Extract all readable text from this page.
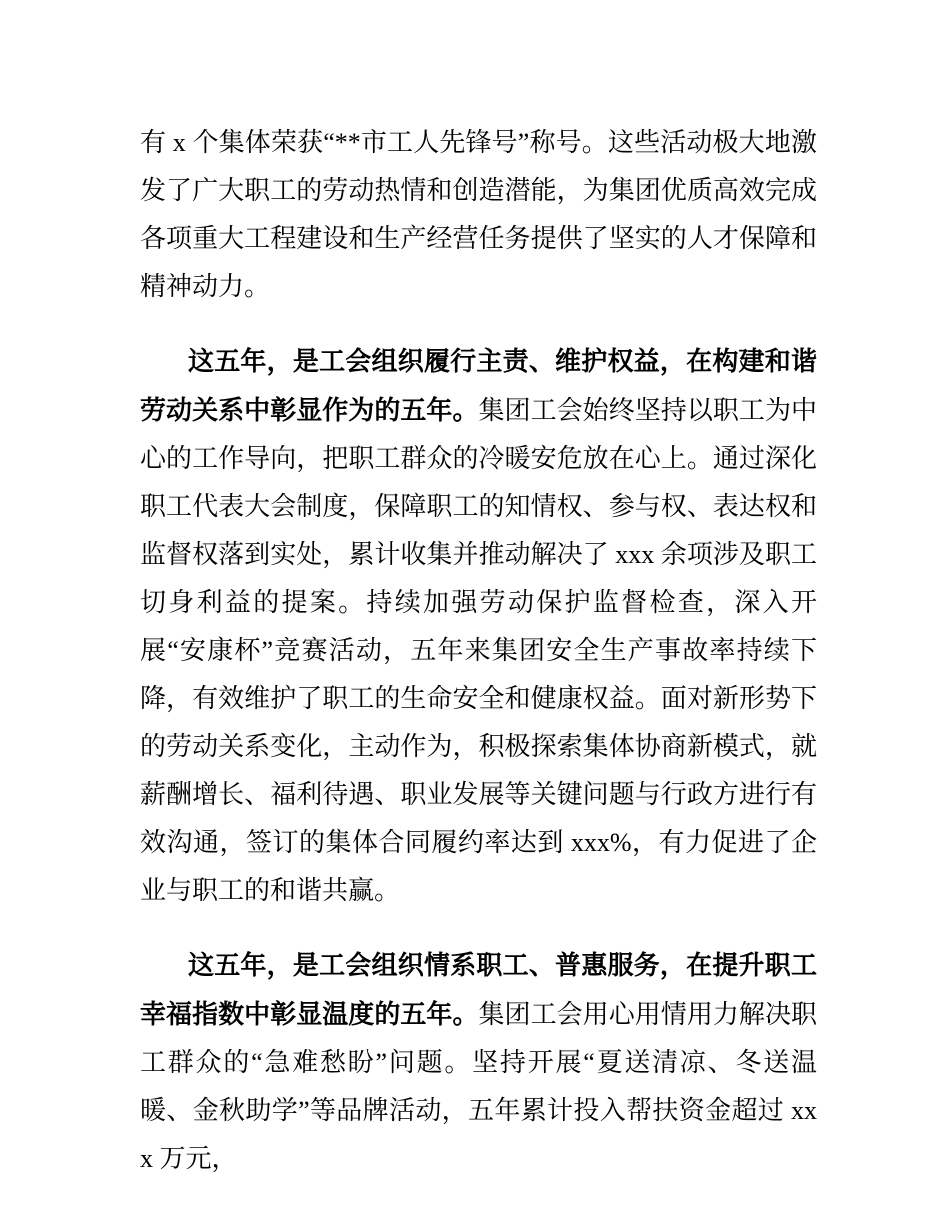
有 x 个集体荣获“**市工人先锋号”称号。这些活动极大地激发了广大职工的劳动热情和创造潜能，为集团优质高效完成各项重大工程建设和生产经营任务提供了坚实的人才保障和精神动力。

这五年，是工会组织履行主责、维护权益，在构建和谐劳动关系中彰显作为的五年。集团工会始终坚持以职工为中心的工作导向，把职工群众的冷暖安危放在心上。通过深化职工代表大会制度，保障职工的知情权、参与权、表达权和监督权落到实处，累计收集并推动解决了 xxx 余项涉及职工切身利益的提案。持续加强劳动保护监督检查，深入开展“安康杯”竞赛活动，五年来集团安全生产事故率持续下降，有效维护了职工的生命安全和健康权益。面对新形势下的劳动关系变化，主动作为，积极探索集体协商新模式，就薪酬增长、福利待遇、职业发展等关键问题与行政方进行有效沟通，签订的集体合同履约率达到 xxx%，有力促进了企业与职工的和谐共赢。

这五年，是工会组织情系职工、普惠服务，在提升职工幸福指数中彰显温度的五年。集团工会用心用情用力解决职工群众的“急难愁盼”问题。坚持开展“夏送清凉、冬送温暖、金秋助学”等品牌活动，五年累计投入帮扶资金超过 xxx 万元，
